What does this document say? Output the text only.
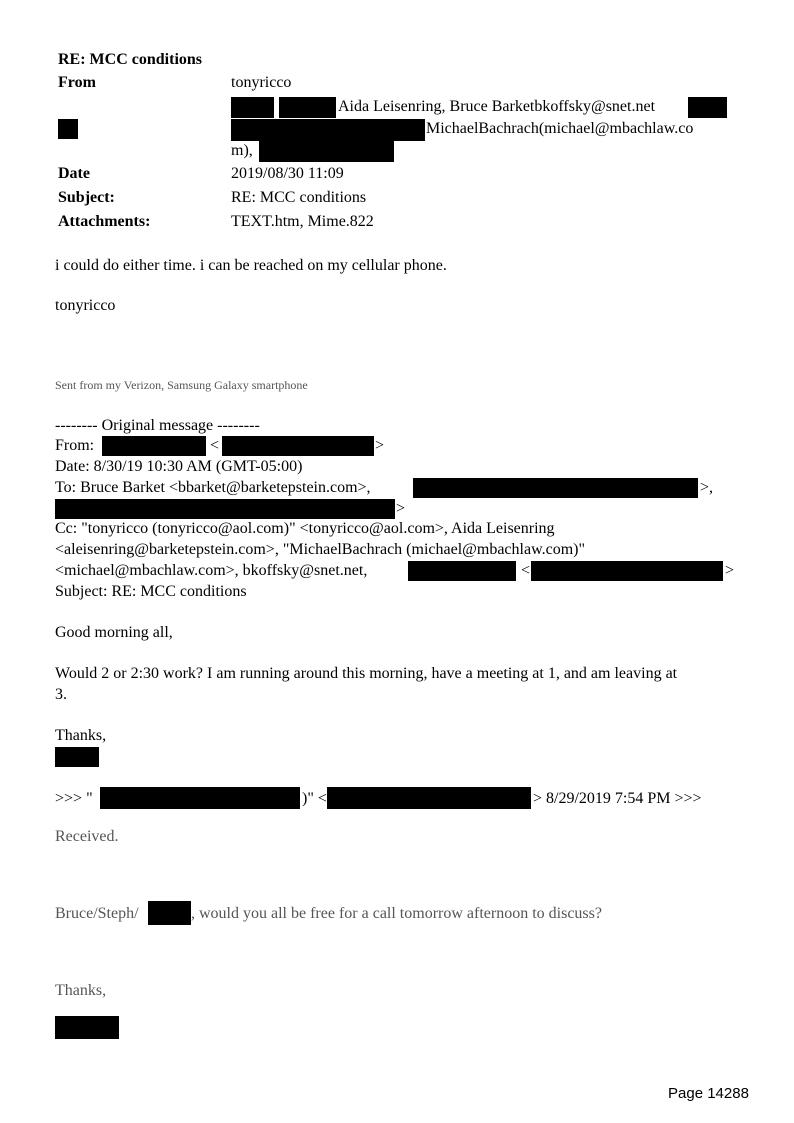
RE: MCC conditions
From	tonyricco
Aida Leisenring, Bruce Barketbkoffsky@snet.net
MichaelBachrach(michael@mbachlaw.co
m),
Date	2019/08/30 11:09
Subject:	RE: MCC conditions
Attachments:	TEXT.htm, Mime.822
i could do either time. i can be reached on my cellular phone.
tonyricco
Sent from my Verizon, Samsung Galaxy smartphone
-------- Original message --------
From:	<	>
Date: 8/30/19 10:30 AM (GMT-05:00)
To: Bruce Barket <bbarket@barketepstein.com>,	>,
>
Cc: "tonyricco (tonyricco@aol.com)" <tonyricco@aol.com>, Aida Leisenring
<aleisenring@barketepstein.com>, "MichaelBachrach (michael@mbachlaw.com)"
<michael@mbachlaw.com>, bkoffsky@snet.net,	<	>
Subject: RE: MCC conditions
Good morning all,
Would 2 or 2:30 work? I am running around this morning, have a meeting at 1, and am leaving at
3.
Thanks,
>>> "	)" <	> 8/29/2019 7:54 PM >>>
Received.
Bruce/Steph/	, would you all be free for a call tomorrow afternoon to discuss?
Thanks,
Page 14288
